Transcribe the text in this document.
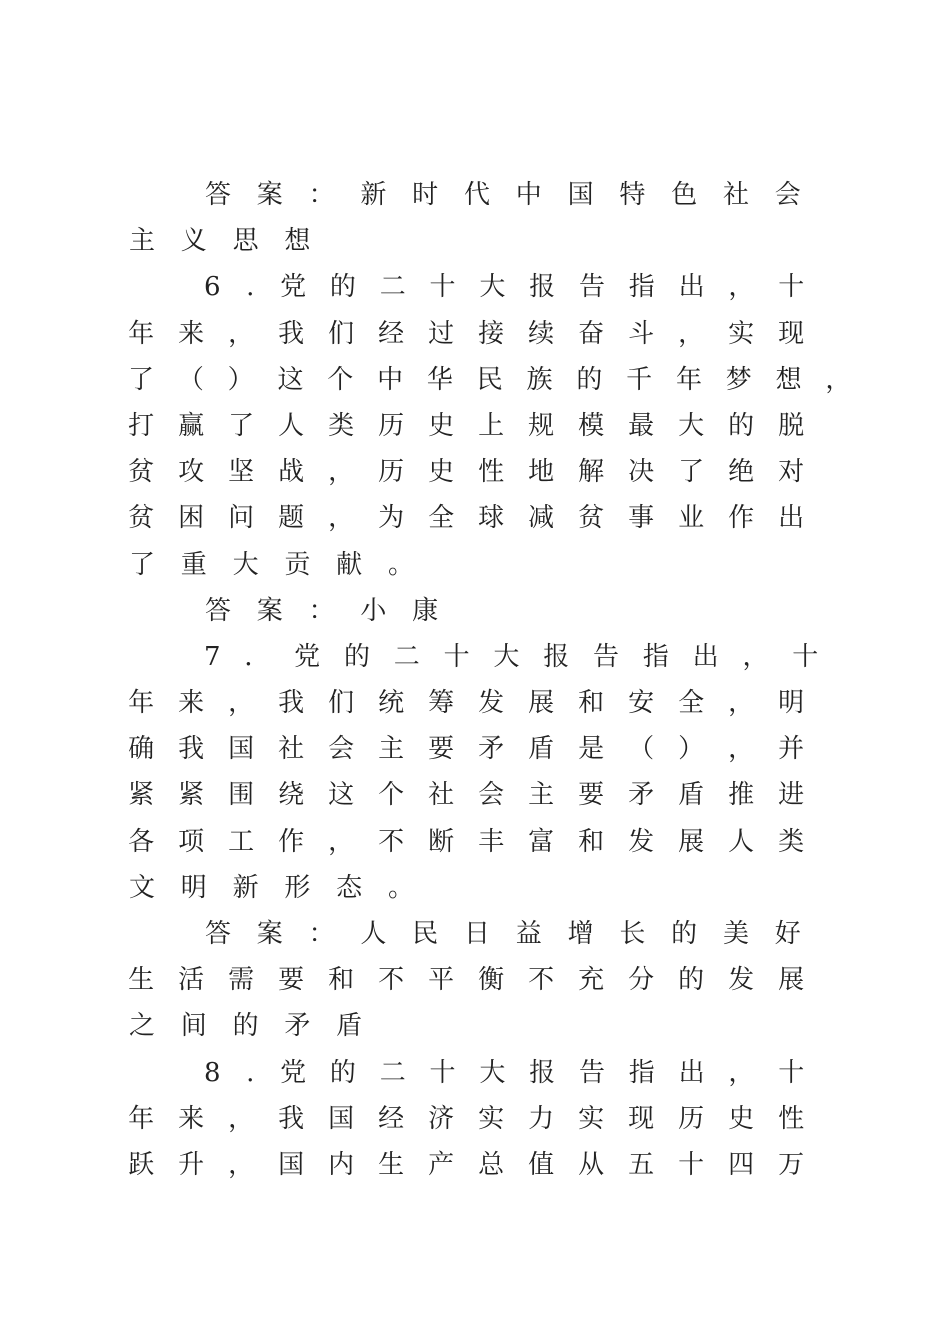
答 案 ： 新 时 代 中 国 特 色 社 会
主 义 思 想
6 . 党 的 二 十 大 报 告 指 出 ， 十
年 来 ， 我 们 经 过 接 续 奋 斗 ， 实 现
了 （ ） 这 个 中 华 民 族 的 千 年 梦 想 ，
打 赢 了 人 类 历 史 上 规 模 最 大 的 脱
贫 攻 坚 战 ， 历 史 性 地 解 决 了 绝 对
贫 困 问 题 ， 为 全 球 减 贫 事 业 作 出
了 重 大 贡 献 。
答 案 ： 小 康
7 ． 党 的 二 十 大 报 告 指 出 ， 十
年 来 ， 我 们 统 筹 发 展 和 安 全 ， 明
确 我 国 社 会 主 要 矛 盾 是 （ ） ， 并
紧 紧 围 绕 这 个 社 会 主 要 矛 盾 推 进
各 项 工 作 ， 不 断 丰 富 和 发 展 人 类
文 明 新 形 态 。
答 案 ： 人 民 日 益 增 长 的 美 好
生 活 需 要 和 不 平 衡 不 充 分 的 发 展
之 间 的 矛 盾
8 . 党 的 二 十 大 报 告 指 出 ， 十
年 来 ， 我 国 经 济 实 力 实 现 历 史 性
跃 升 ， 国 内 生 产 总 值 从 五 十 四 万
